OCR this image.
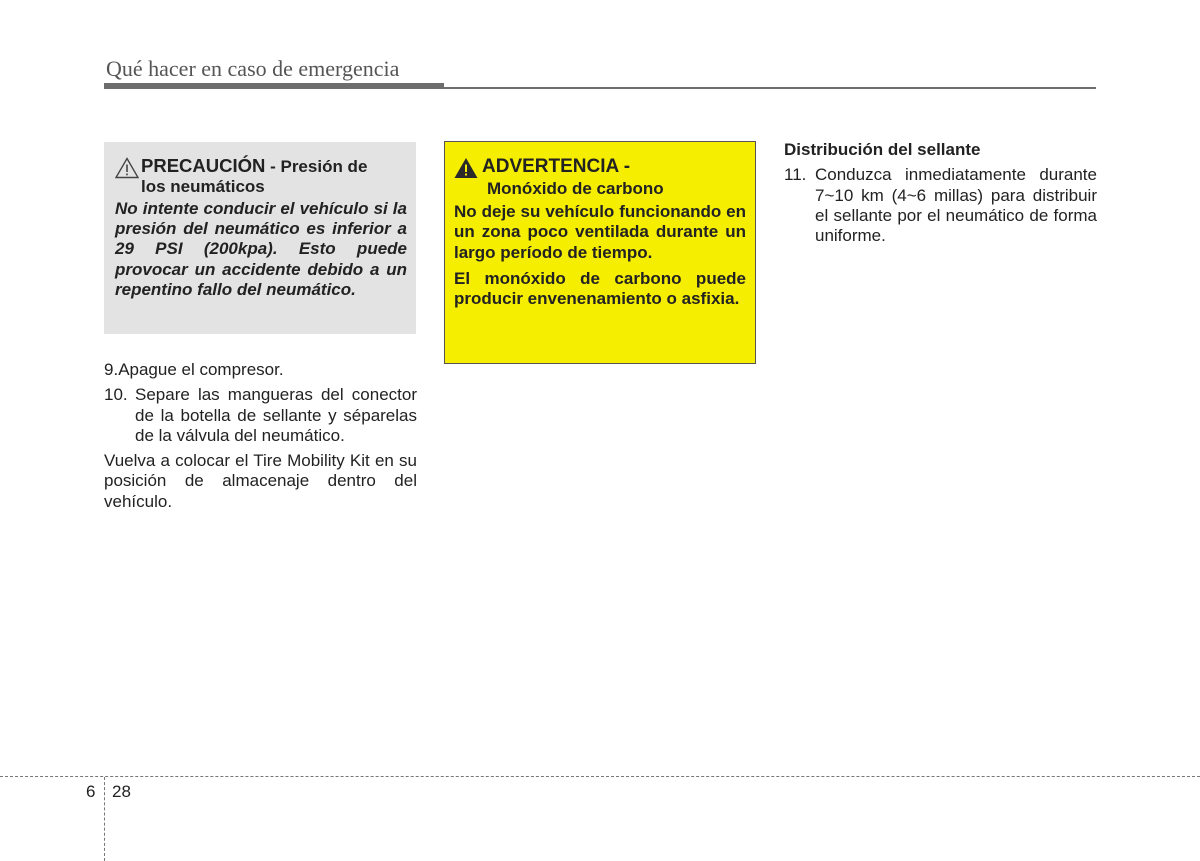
Qué hacer en caso de emergencia
PRECAUCIÓN - Presión de
los neumáticos
No intente conducir el vehículo si la presión del neumático es inferior a 29 PSI (200kpa). Esto puede provocar un accidente debido a un repentino fallo del neumático.
ADVERTENCIA -
Monóxido de carbono

No deje su vehículo funcionando en un zona poco ventilada durante un largo período de tiempo.

El monóxido de carbono puede producir envenenamiento o asfixia.

9. Apague el compresor.
10. Separe las mangueras del conector de la botella de sellante y séparelas de la válvula del neumático.
Vuelva a colocar el Tire Mobility Kit en su posición de almacenaje dentro del vehículo.
Distribución del sellante
11. Conduzca inmediatamente durante 7~10 km (4~6 millas) para distribuir el sellante por el neumático de forma uniforme.
6 28
